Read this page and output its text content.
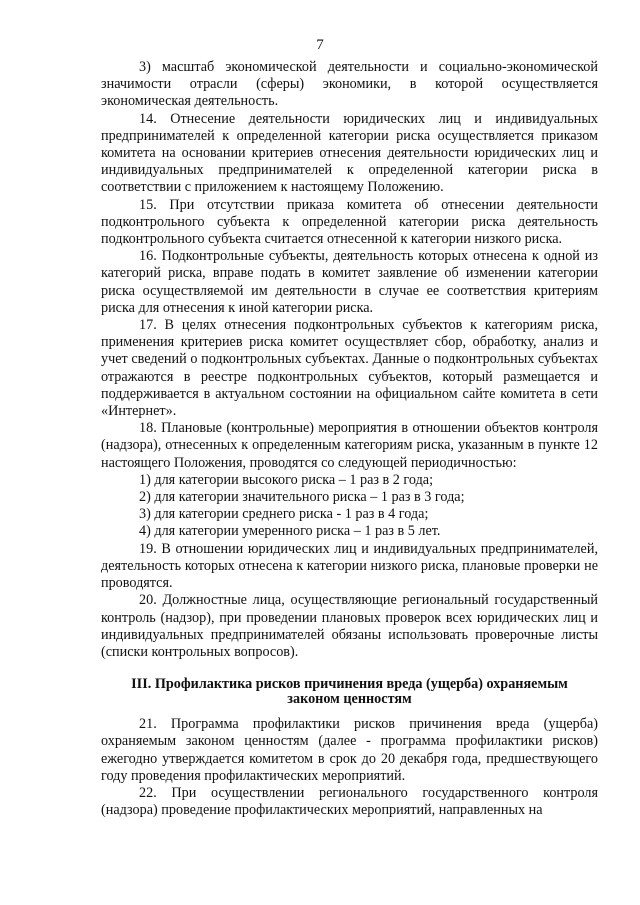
7

3) масштаб экономической деятельности и социально-экономической значимости отрасли (сферы) экономики, в которой осуществляется экономическая деятельность.

14. Отнесение деятельности юридических лиц и индивидуальных предпринимателей к определенной категории риска осуществляется приказом комитета на основании критериев отнесения деятельности юридических лиц и индивидуальных предпринимателей к определенной категории риска в соответствии с приложением к настоящему Положению.

15. При отсутствии приказа комитета об отнесении деятельности подконтрольного субъекта к определенной категории риска деятельность подконтрольного субъекта считается отнесенной к категории низкого риска.

16. Подконтрольные субъекты, деятельность которых отнесена к одной из категорий риска, вправе подать в комитет заявление об изменении категории риска осуществляемой им деятельности в случае ее соответствия критериям риска для отнесения к иной категории риска.

17. В целях отнесения подконтрольных субъектов к категориям риска, применения критериев риска комитет осуществляет сбор, обработку, анализ и учет сведений о подконтрольных субъектах. Данные о подконтрольных субъектах отражаются в реестре подконтрольных субъектов, который размещается и поддерживается в актуальном состоянии на официальном сайте комитета в сети «Интернет».

18. Плановые (контрольные) мероприятия в отношении объектов контроля (надзора), отнесенных к определенным категориям риска, указанным в пункте 12 настоящего Положения, проводятся со следующей периодичностью:

1) для категории высокого риска – 1 раз в 2 года;

2) для категории значительного риска – 1 раз в 3 года;

3) для категории среднего риска - 1 раз в 4 года;

4) для категории умеренного риска – 1 раз в 5 лет.

19. В отношении юридических лиц и индивидуальных предпринимателей, деятельность которых отнесена к категории низкого риска, плановые проверки не проводятся.

20. Должностные лица, осуществляющие региональный государственный контроль (надзор), при проведении плановых проверок всех юридических лиц и индивидуальных предпринимателей обязаны использовать проверочные листы (списки контрольных вопросов).

III. Профилактика рисков причинения вреда (ущерба) охраняемым законом ценностям

21. Программа профилактики рисков причинения вреда (ущерба) охраняемым законом ценностям (далее - программа профилактики рисков) ежегодно утверждается комитетом в срок до 20 декабря года, предшествующего году проведения профилактических мероприятий.

22. При осуществлении регионального государственного контроля (надзора) проведение профилактических мероприятий, направленных на
